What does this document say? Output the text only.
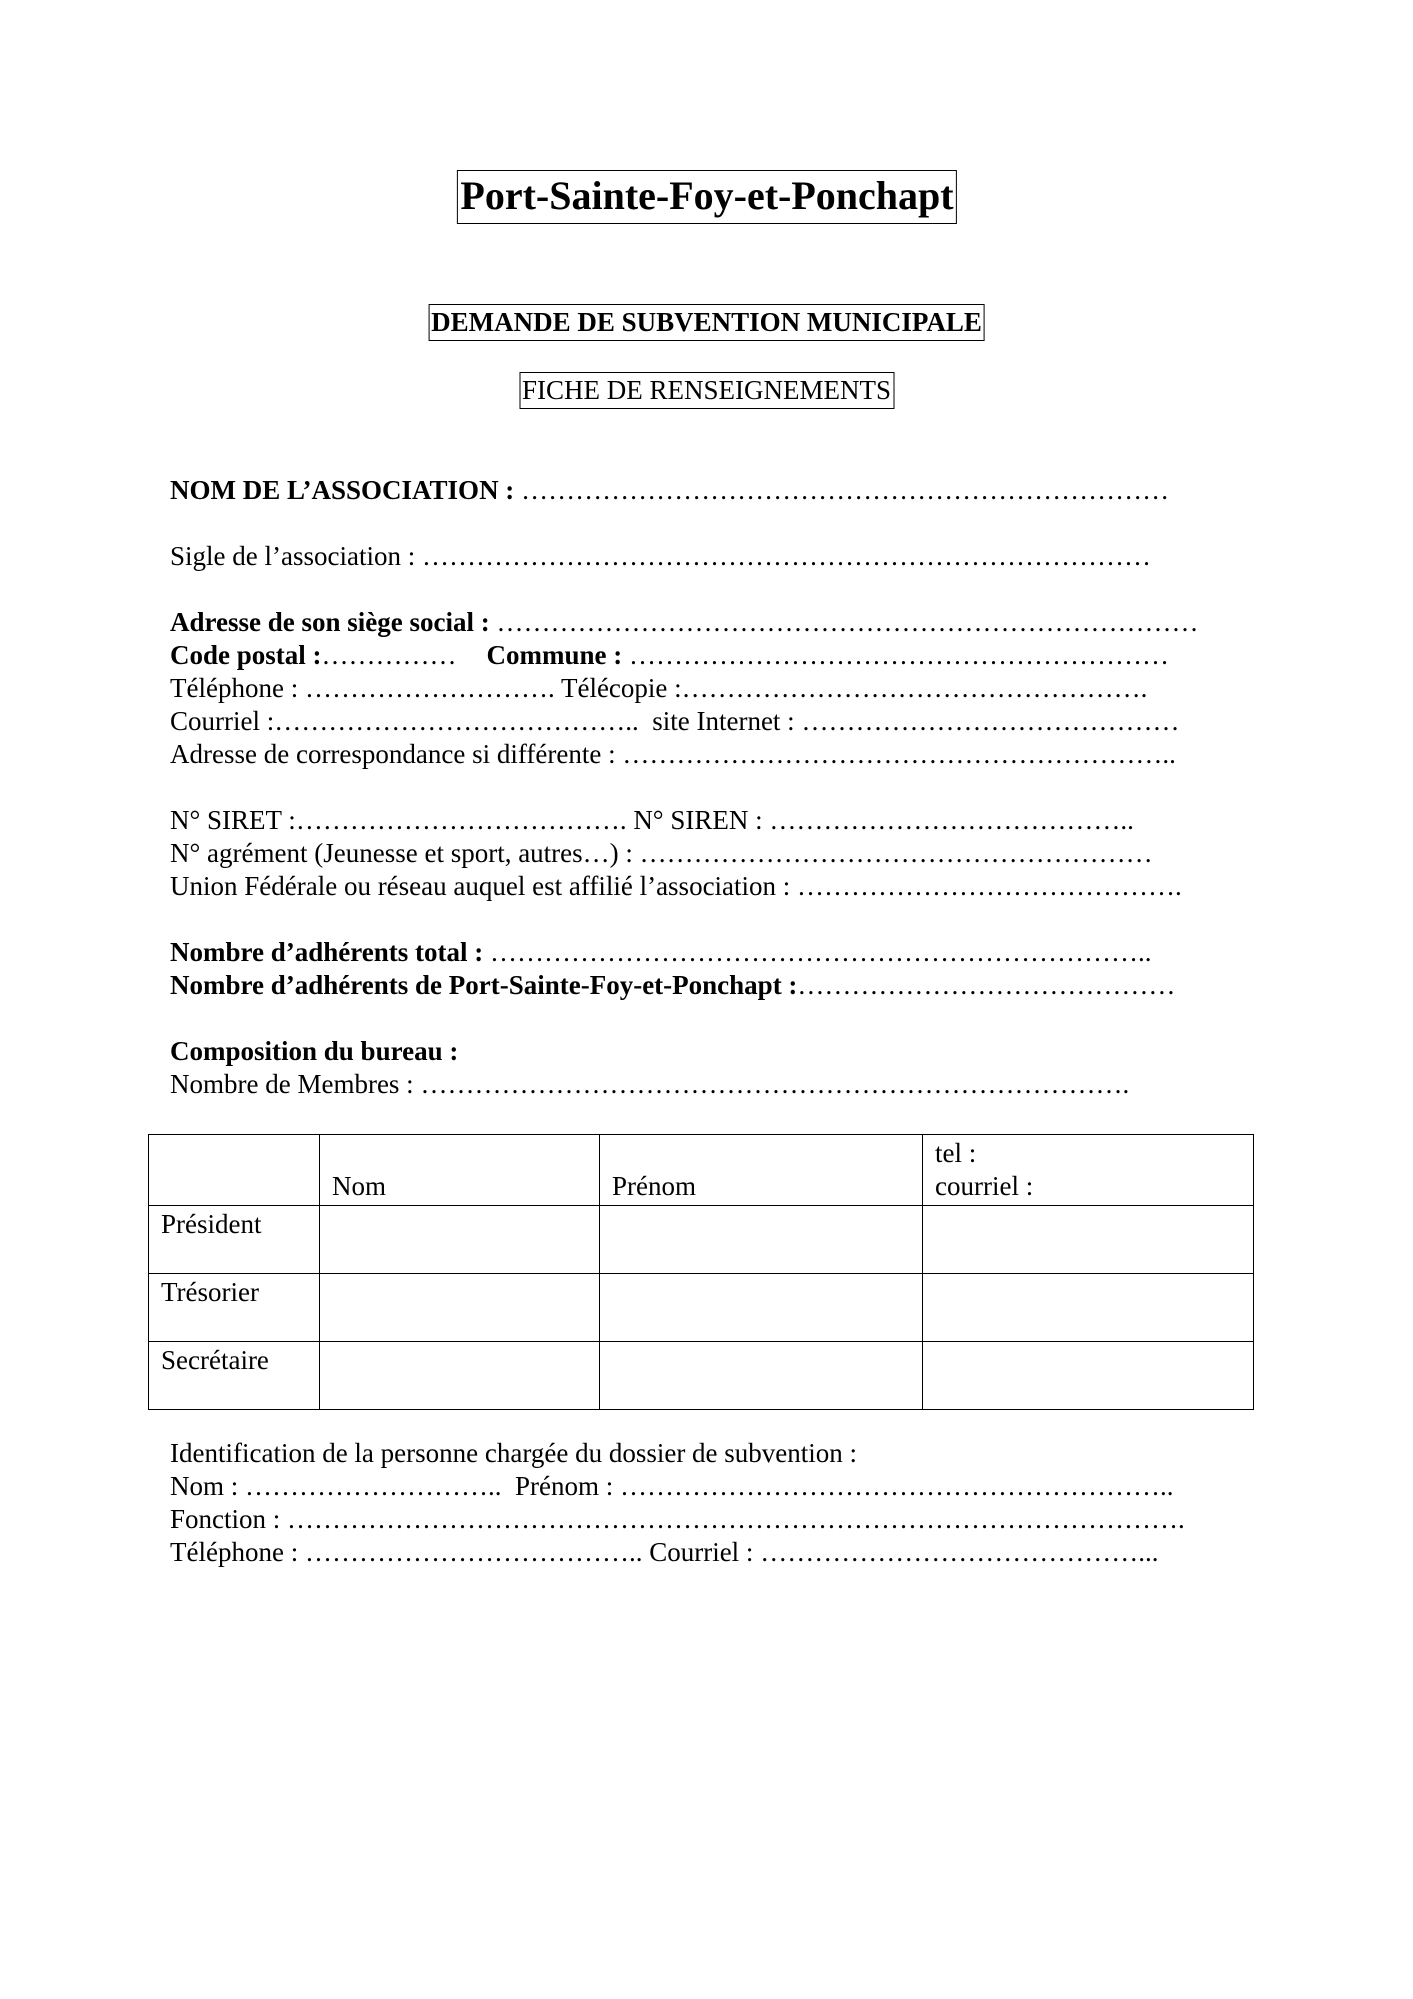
Port-Sainte-Foy-et-Ponchapt
DEMANDE DE SUBVENTION MUNICIPALE
FICHE DE RENSEIGNEMENTS
NOM DE L’ASSOCIATION : ………………………………………………………………
Sigle de l’association : ………………………………………………………………………
Adresse de son siège social : ……………………………………………………………………
Code postal :…………… Commune : ……………………………………………………
Téléphone : ………………………. Télécopie :…………………………………………….
Courriel :………………………………….. site Internet : ……………………………………
Adresse de correspondance si différente : ……………………………………………………..
N° SIRET :………………………………. N° SIREN : …………………………………..
N° agrément (Jeunesse et sport, autres…) : …………………………………………………
Union Fédérale ou réseau auquel est affilié l’association : …………………………………….
Nombre d’adhérents total : ………………………………………………………………..
Nombre d’adhérents de Port-Sainte-Foy-et-Ponchapt :……………………………………
Composition du bureau :
Nombre de Membres : …………………………………………………………………….
	Nom	Prénom	tel :
courriel :
Président			
Trésorier			
Secrétaire			
Identification de la personne chargée du dossier de subvention :
Nom : ……………………….. Prénom : ……………………………………………………..
Fonction : ……………………………………………………………………………………….
Téléphone : ……………………………….. Courriel : ……………………………………...
